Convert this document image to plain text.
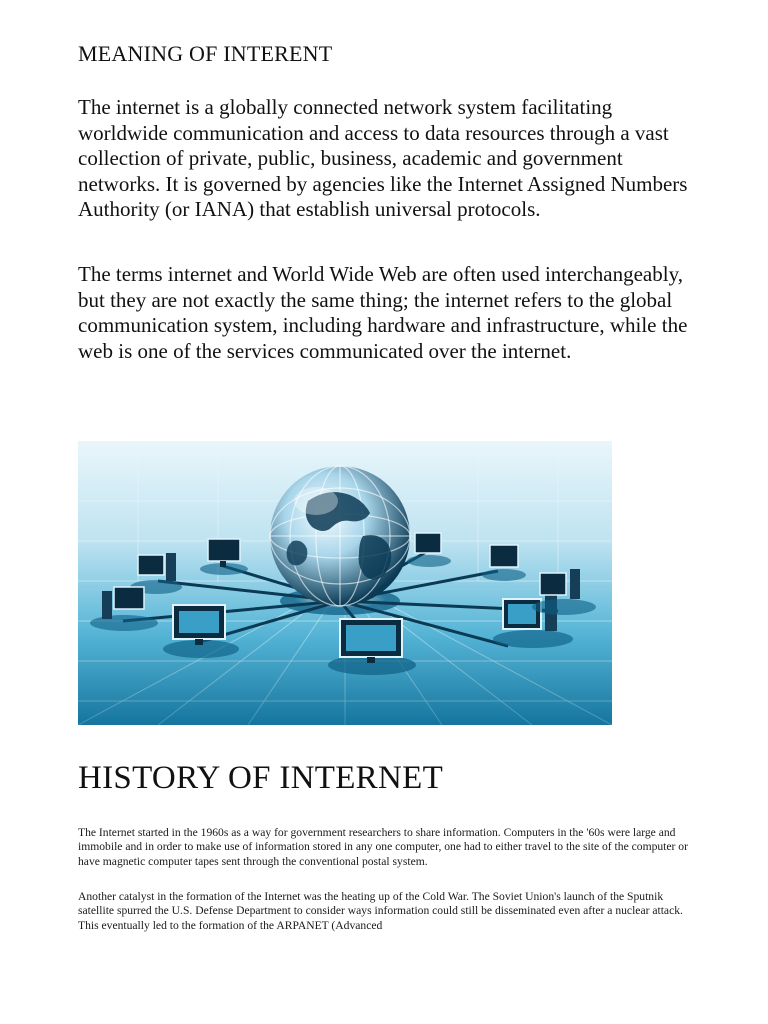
MEANING OF INTERENT

The internet is a globally connected network system facilitating worldwide communication and access to data resources through a vast collection of private, public, business, academic and government networks. It is governed by agencies like the Internet Assigned Numbers Authority (or IANA) that establish universal protocols.

The terms internet and World Wide Web are often used interchangeably, but they are not exactly the same thing; the internet refers to the global communication system, including hardware and infrastructure, while the web is one of the services communicated over the internet.

HISTORY OF INTERNET

The Internet started in the 1960s as a way for government researchers to share information. Computers in the '60s were large and immobile and in order to make use of information stored in any one computer, one had to either travel to the site of the computer or have magnetic computer tapes sent through the conventional postal system.

Another catalyst in the formation of the Internet was the heating up of the Cold War. The Soviet Union's launch of the Sputnik satellite spurred the U.S. Defense Department to consider ways information could still be disseminated even after a nuclear attack. This eventually led to the formation of the ARPANET (Advanced
